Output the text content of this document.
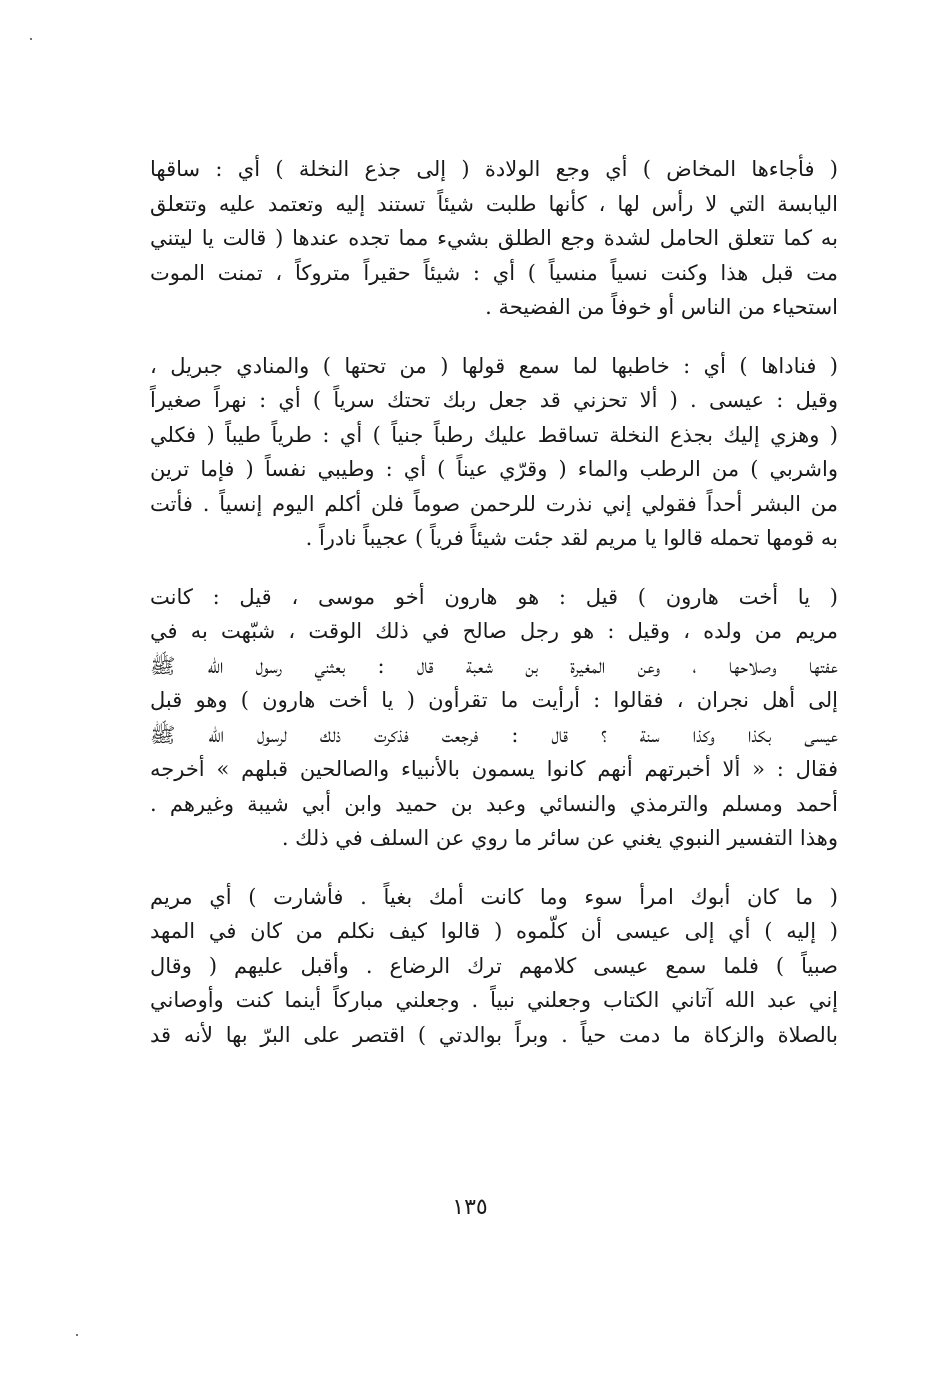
( فأجاءها المخاض ) أي وجع الولادة ( إلى جذع النخلة ) أي : ساقها
اليابسة التي لا رأس لها ، كأنها طلبت شيئاً تستند إليه وتعتمد عليه وتتعلق
به كما تتعلق الحامل لشدة وجع الطلق بشيء مما تجده عندها ( قالت يا ليتني
مت قبل هذا وكنت نسياً منسياً ) أي : شيئاً حقيراً متروكاً ، تمنت الموت
استحياء من الناس أو خوفاً من الفضيحة .
( فناداها ) أي : خاطبها لما سمع قولها ( من تحتها ) والمنادي جبريل ،
وقيل : عيسى . ( ألا تحزني قد جعل ربك تحتك سرياً ) أي : نهراً صغيراً
( وهزي إليك بجذع النخلة تساقط عليك رطباً جنياً ) أي : طرياً طيباً ( فكلي
واشربي ) من الرطب والماء ( وقرّي عيناً ) أي : وطيبي نفساً ( فإما ترين
من البشر أحداً فقولي إني نذرت للرحمن صوماً فلن أكلم اليوم إنسياً . فأتت
به قومها تحمله قالوا يا مريم لقد جئت شيئاً فرياً ) عجيباً نادراً .
( يا أخت هارون ) قيل : هو هارون أخو موسى ، قيل : كانت
مريم من ولده ، وقيل : هو رجل صالح في ذلك الوقت ، شبّهت به في
عفتها وصلاحها ، وعن المغيرة بن شعبة قال : بعثني رسول الله ﷺ
إلى أهل نجران ، فقالوا : أرأيت ما تقرأون ( يا أخت هارون ) وهو قبل
عيسى بكذا وكذا سنة ؟ قال : فرجعت فذكرت ذلك لرسول الله ﷺ
فقال : « ألا أخبرتهم أنهم كانوا يسمون بالأنبياء والصالحين قبلهم » أخرجه
أحمد ومسلم والترمذي والنسائي وعبد بن حميد وابن أبي شيبة وغيرهم .
وهذا التفسير النبوي يغني عن سائر ما روي عن السلف في ذلك .
( ما كان أبوك امرأ سوء وما كانت أمك بغياً . فأشارت ) أي مريم
( إليه ) أي إلى عيسى أن كلّموه ( قالوا كيف نكلم من كان في المهد
صبياً ) فلما سمع عيسى كلامهم ترك الرضاع . وأقبل عليهم ( وقال
إني عبد الله آتاني الكتاب وجعلني نبياً . وجعلني مباركاً أينما كنت وأوصاني
بالصلاة والزكاة ما دمت حياً . وبراً بوالدتي ) اقتصر على البرّ بها لأنه قد
١٣٥
